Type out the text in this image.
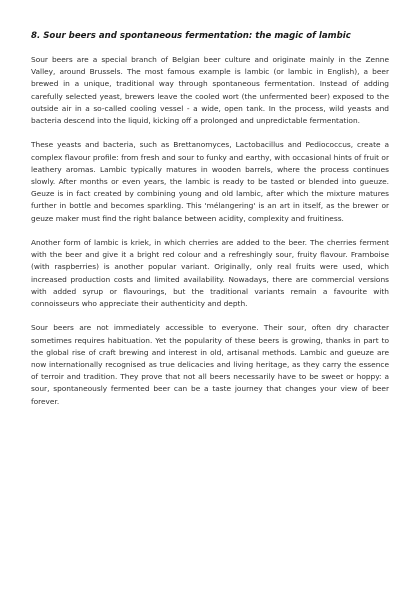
8. Sour beers and spontaneous fermentation: the magic of lambic

Sour beers are a special branch of Belgian beer culture and originate mainly in the Zenne Valley, around Brussels. The most famous example is lambic (or lambic in English), a beer brewed in a unique, traditional way through spontaneous fermentation. Instead of adding carefully selected yeast, brewers leave the cooled wort (the unfermented beer) exposed to the outside air in a so-called cooling vessel - a wide, open tank. In the process, wild yeasts and bacteria descend into the liquid, kicking off a prolonged and unpredictable fermentation.

These yeasts and bacteria, such as Brettanomyces, Lactobacillus and Pediococcus, create a complex flavour profile: from fresh and sour to funky and earthy, with occasional hints of fruit or leathery aromas. Lambic typically matures in wooden barrels, where the process continues slowly. After months or even years, the lambic is ready to be tasted or blended into gueuze. Geuze is in fact created by combining young and old lambic, after which the mixture matures further in bottle and becomes sparkling. This 'mélangering' is an art in itself, as the brewer or geuze maker must find the right balance between acidity, complexity and fruitiness.

Another form of lambic is kriek, in which cherries are added to the beer. The cherries ferment with the beer and give it a bright red colour and a refreshingly sour, fruity flavour. Framboise (with raspberries) is another popular variant. Originally, only real fruits were used, which increased production costs and limited availability. Nowadays, there are commercial versions with added syrup or flavourings, but the traditional variants remain a favourite with connoisseurs who appreciate their authenticity and depth.

Sour beers are not immediately accessible to everyone. Their sour, often dry character sometimes requires habituation. Yet the popularity of these beers is growing, thanks in part to the global rise of craft brewing and interest in old, artisanal methods. Lambic and gueuze are now internationally recognised as true delicacies and living heritage, as they carry the essence of terroir and tradition. They prove that not all beers necessarily have to be sweet or hoppy: a sour, spontaneously fermented beer can be a taste journey that changes your view of beer forever.
